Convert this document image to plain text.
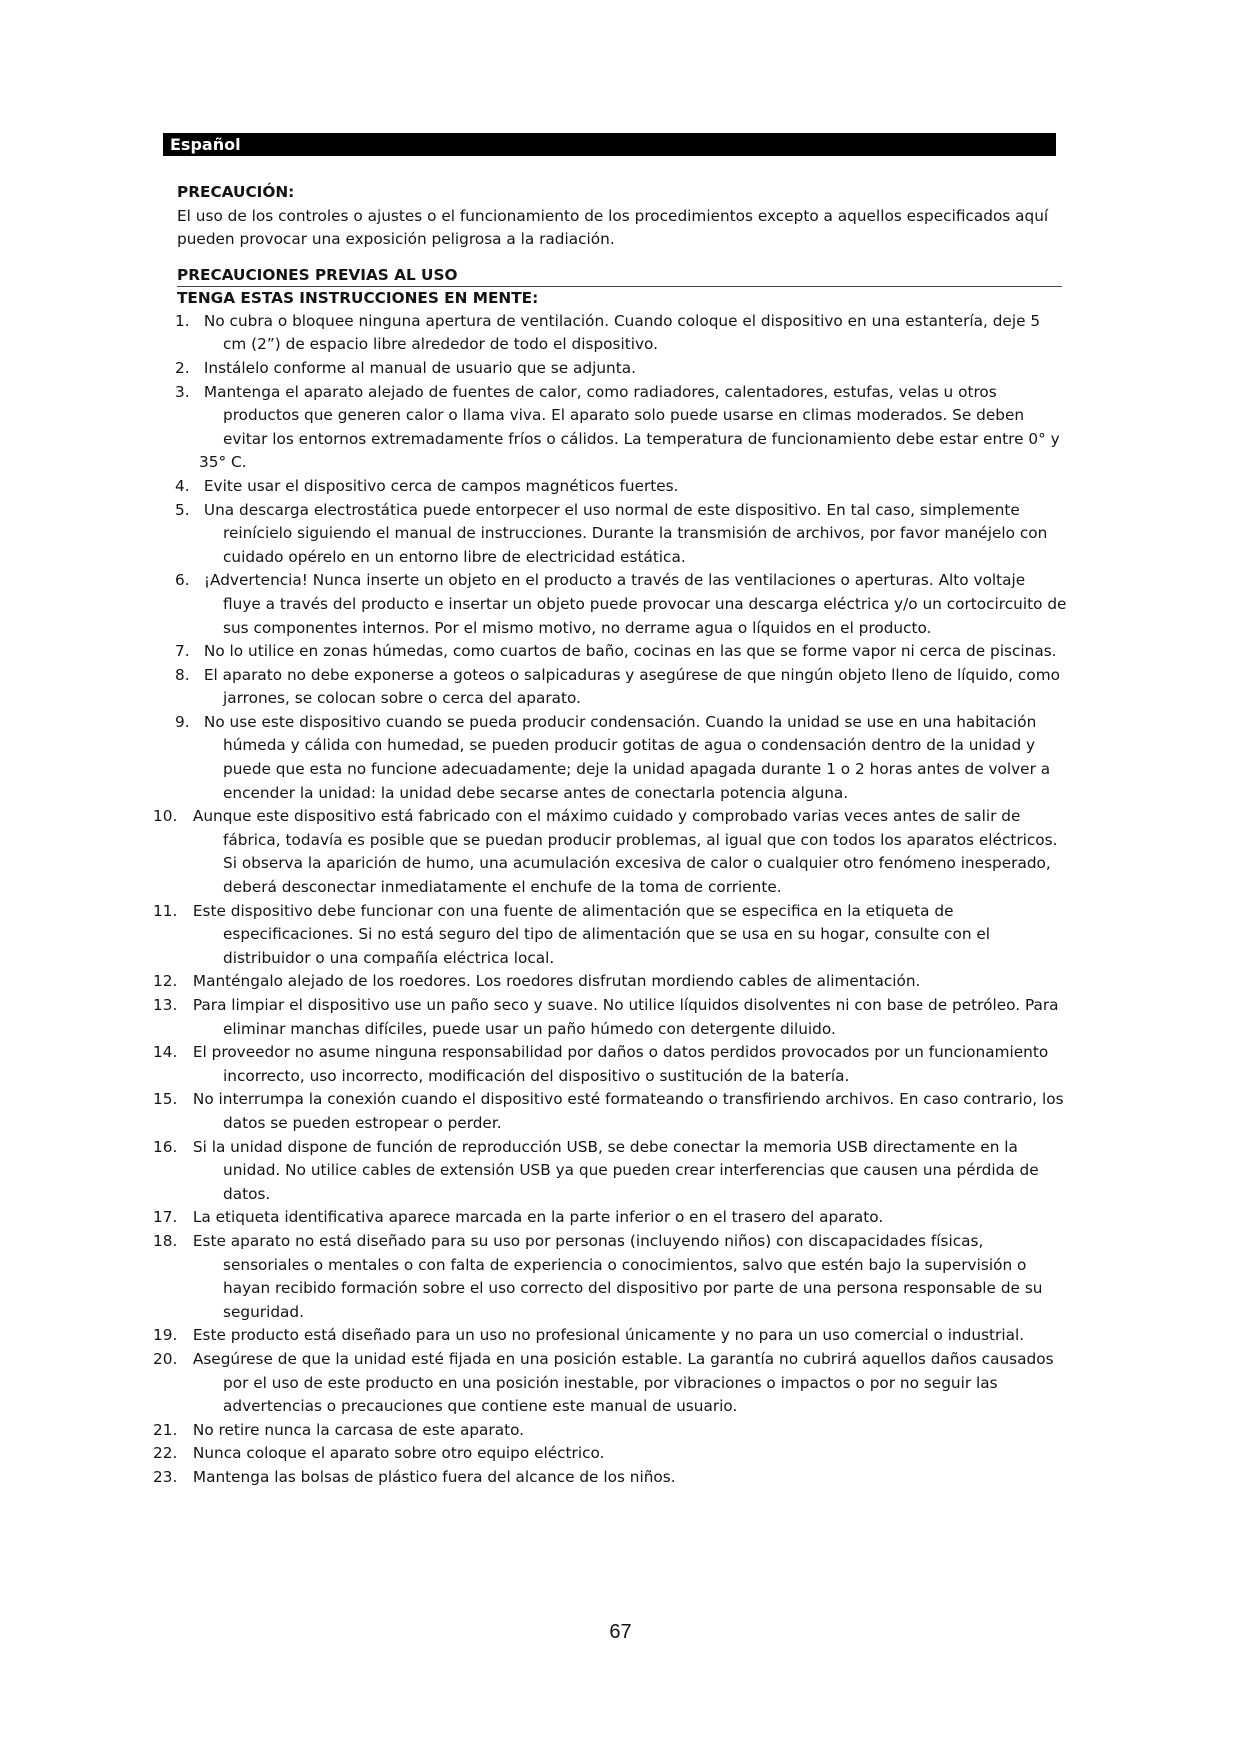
Español
PRECAUCIÓN:

El uso de los controles o ajustes o el funcionamiento de los procedimientos excepto a aquellos especificados aquí pueden provocar una exposición peligrosa a la radiación.

PRECAUCIONES PREVIAS AL USO
TENGA ESTAS INSTRUCCIONES EN MENTE:
1. No cubra o bloquee ninguna apertura de ventilación. Cuando coloque el dispositivo en una estantería, deje 5 cm (2”) de espacio libre alrededor de todo el dispositivo.
2. Instálelo conforme al manual de usuario que se adjunta.
3. Mantenga el aparato alejado de fuentes de calor, como radiadores, calentadores, estufas, velas u otros productos que generen calor o llama viva. El aparato solo puede usarse en climas moderados. Se deben evitar los entornos extremadamente fríos o cálidos. La temperatura de funcionamiento debe estar entre 0° y
35° C.
4. Evite usar el dispositivo cerca de campos magnéticos fuertes.
5. Una descarga electrostática puede entorpecer el uso normal de este dispositivo. En tal caso, simplemente reinícielo siguiendo el manual de instrucciones. Durante la transmisión de archivos, por favor manéjelo con cuidado opérelo en un entorno libre de electricidad estática.
6. ¡Advertencia! Nunca inserte un objeto en el producto a través de las ventilaciones o aperturas. Alto voltaje fluye a través del producto e insertar un objeto puede provocar una descarga eléctrica y/o un cortocircuito de sus componentes internos. Por el mismo motivo, no derrame agua o líquidos en el producto.
7. No lo utilice en zonas húmedas, como cuartos de baño, cocinas en las que se forme vapor ni cerca de piscinas.
8. El aparato no debe exponerse a goteos o salpicaduras y asegúrese de que ningún objeto lleno de líquido, como jarrones, se colocan sobre o cerca del aparato.
9. No use este dispositivo cuando se pueda producir condensación. Cuando la unidad se use en una habitación húmeda y cálida con humedad, se pueden producir gotitas de agua o condensación dentro de la unidad y puede que esta no funcione adecuadamente; deje la unidad apagada durante 1 o 2 horas antes de volver a encender la unidad: la unidad debe secarse antes de conectarla potencia alguna.
10. Aunque este dispositivo está fabricado con el máximo cuidado y comprobado varias veces antes de salir de fábrica, todavía es posible que se puedan producir problemas, al igual que con todos los aparatos eléctricos. Si observa la aparición de humo, una acumulación excesiva de calor o cualquier otro fenómeno inesperado, deberá desconectar inmediatamente el enchufe de la toma de corriente.
11. Este dispositivo debe funcionar con una fuente de alimentación que se especifica en la etiqueta de especificaciones. Si no está seguro del tipo de alimentación que se usa en su hogar, consulte con el distribuidor o una compañía eléctrica local.
12. Manténgalo alejado de los roedores. Los roedores disfrutan mordiendo cables de alimentación.
13. Para limpiar el dispositivo use un paño seco y suave. No utilice líquidos disolventes ni con base de petróleo. Para eliminar manchas difíciles, puede usar un paño húmedo con detergente diluido.
14. El proveedor no asume ninguna responsabilidad por daños o datos perdidos provocados por un funcionamiento incorrecto, uso incorrecto, modificación del dispositivo o sustitución de la batería.
15. No interrumpa la conexión cuando el dispositivo esté formateando o transfiriendo archivos. En caso contrario, los datos se pueden estropear o perder.
16. Si la unidad dispone de función de reproducción USB, se debe conectar la memoria USB directamente en la unidad. No utilice cables de extensión USB ya que pueden crear interferencias que causen una pérdida de datos.
17. La etiqueta identificativa aparece marcada en la parte inferior o en el trasero del aparato.
18. Este aparato no está diseñado para su uso por personas (incluyendo niños) con discapacidades físicas, sensoriales o mentales o con falta de experiencia o conocimientos, salvo que estén bajo la supervisión o hayan recibido formación sobre el uso correcto del dispositivo por parte de una persona responsable de su seguridad.
19. Este producto está diseñado para un uso no profesional únicamente y no para un uso comercial o industrial.
20. Asegúrese de que la unidad esté fijada en una posición estable. La garantía no cubrirá aquellos daños causados por el uso de este producto en una posición inestable, por vibraciones o impactos o por no seguir las advertencias o precauciones que contiene este manual de usuario.
21. No retire nunca la carcasa de este aparato.
22. Nunca coloque el aparato sobre otro equipo eléctrico.
23. Mantenga las bolsas de plástico fuera del alcance de los niños.
67
